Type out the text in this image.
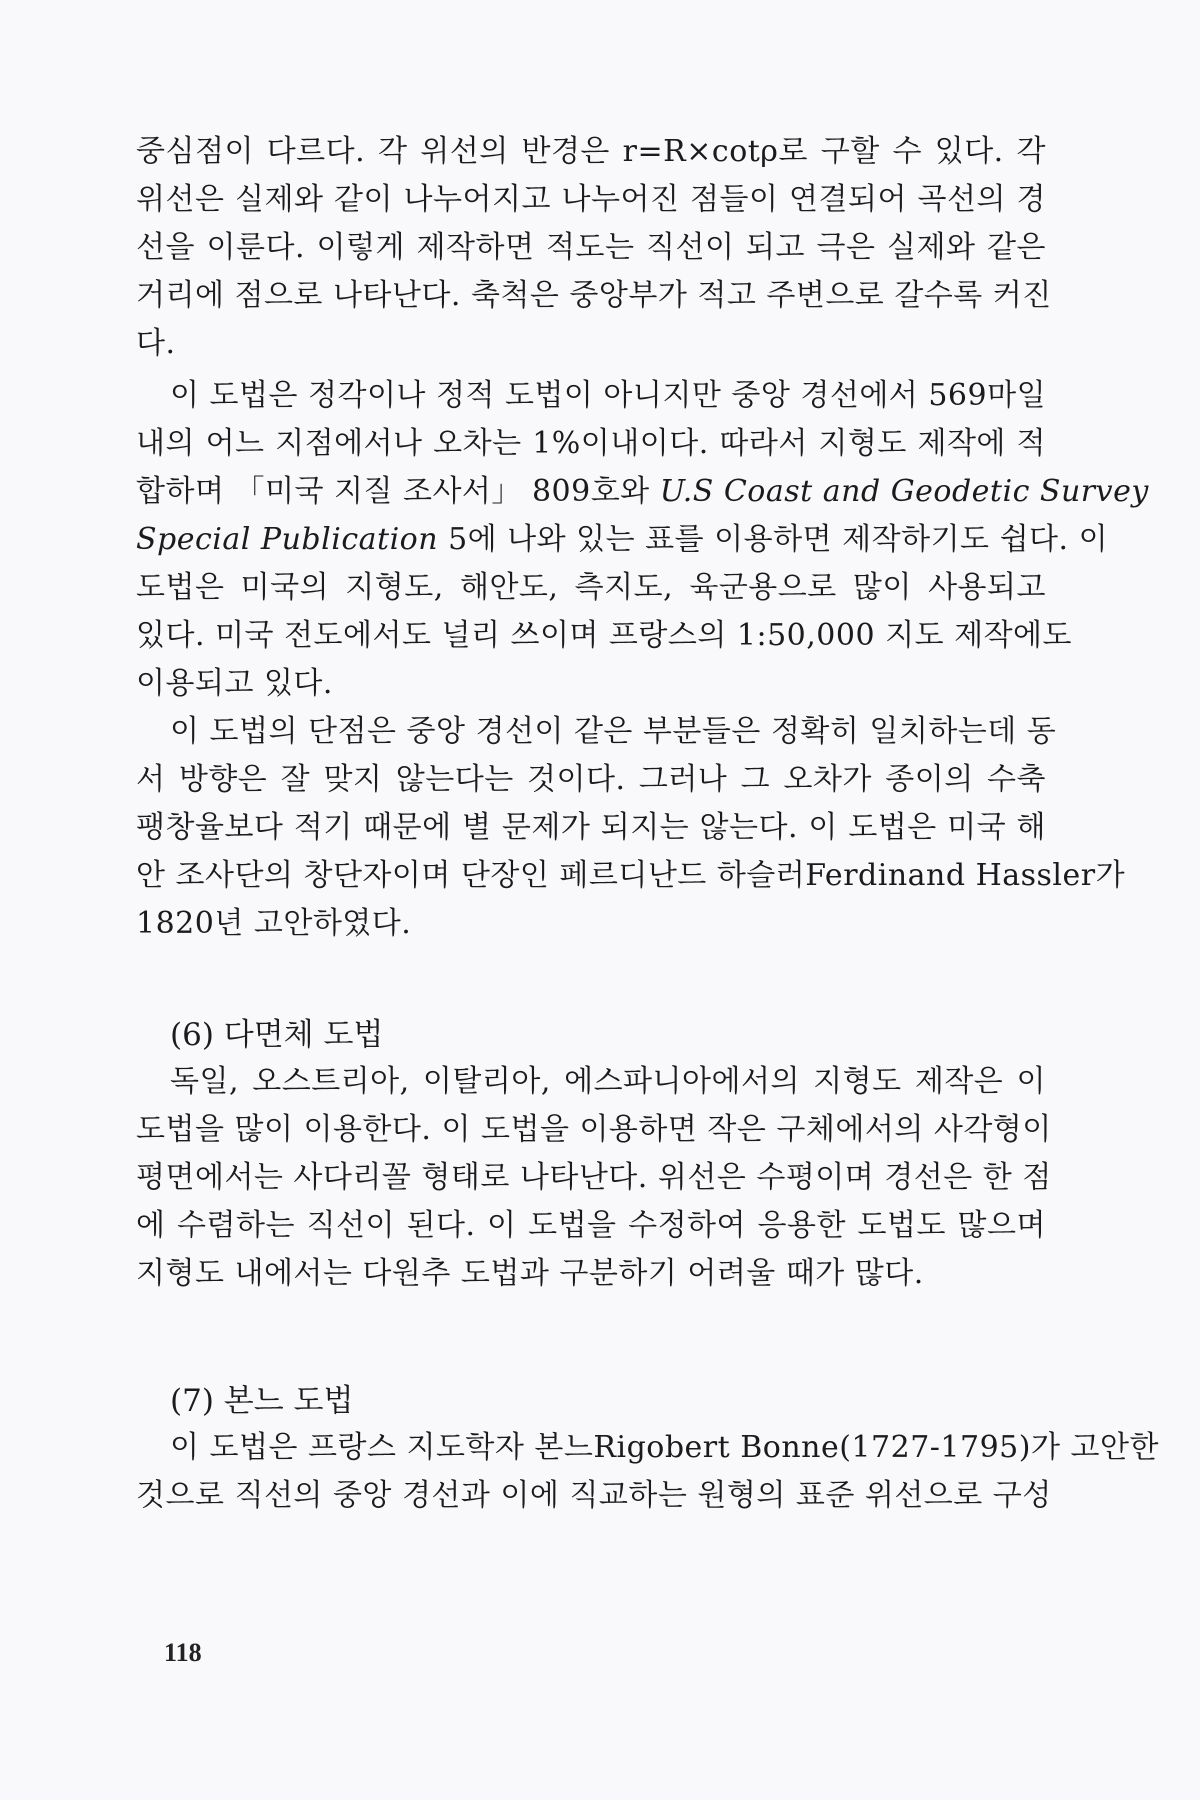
중심점이 다르다. 각 위선의 반경은 r=R×cotρ로 구할 수 있다. 각
위선은 실제와 같이 나누어지고 나누어진 점들이 연결되어 곡선의 경
선을 이룬다. 이렇게 제작하면 적도는 직선이 되고 극은 실제와 같은
거리에 점으로 나타난다. 축척은 중앙부가 적고 주변으로 갈수록 커진
다.
이 도법은 정각이나 정적 도법이 아니지만 중앙 경선에서 569마일
내의 어느 지점에서나 오차는 1%이내이다. 따라서 지형도 제작에 적
합하며 「미국 지질 조사서」 809호와 U.S Coast and Geodetic Survey
Special Publication 5에 나와 있는 표를 이용하면 제작하기도 쉽다. 이
도법은 미국의 지형도, 해안도, 측지도, 육군용으로 많이 사용되고
있다. 미국 전도에서도 널리 쓰이며 프랑스의 1:50,000 지도 제작에도
이용되고 있다.
이 도법의 단점은 중앙 경선이 같은 부분들은 정확히 일치하는데 동
서 방향은 잘 맞지 않는다는 것이다. 그러나 그 오차가 종이의 수축
팽창율보다 적기 때문에 별 문제가 되지는 않는다. 이 도법은 미국 해
안 조사단의 창단자이며 단장인 페르디난드 하슬러Ferdinand Hassler가
1820년 고안하였다.
(6) 다면체 도법
독일, 오스트리아, 이탈리아, 에스파니아에서의 지형도 제작은 이
도법을 많이 이용한다. 이 도법을 이용하면 작은 구체에서의 사각형이
평면에서는 사다리꼴 형태로 나타난다. 위선은 수평이며 경선은 한 점
에 수렴하는 직선이 된다. 이 도법을 수정하여 응용한 도법도 많으며
지형도 내에서는 다원추 도법과 구분하기 어려울 때가 많다.
(7) 본느 도법
이 도법은 프랑스 지도학자 본느Rigobert Bonne(1727-1795)가 고안한
것으로 직선의 중앙 경선과 이에 직교하는 원형의 표준 위선으로 구성
118
